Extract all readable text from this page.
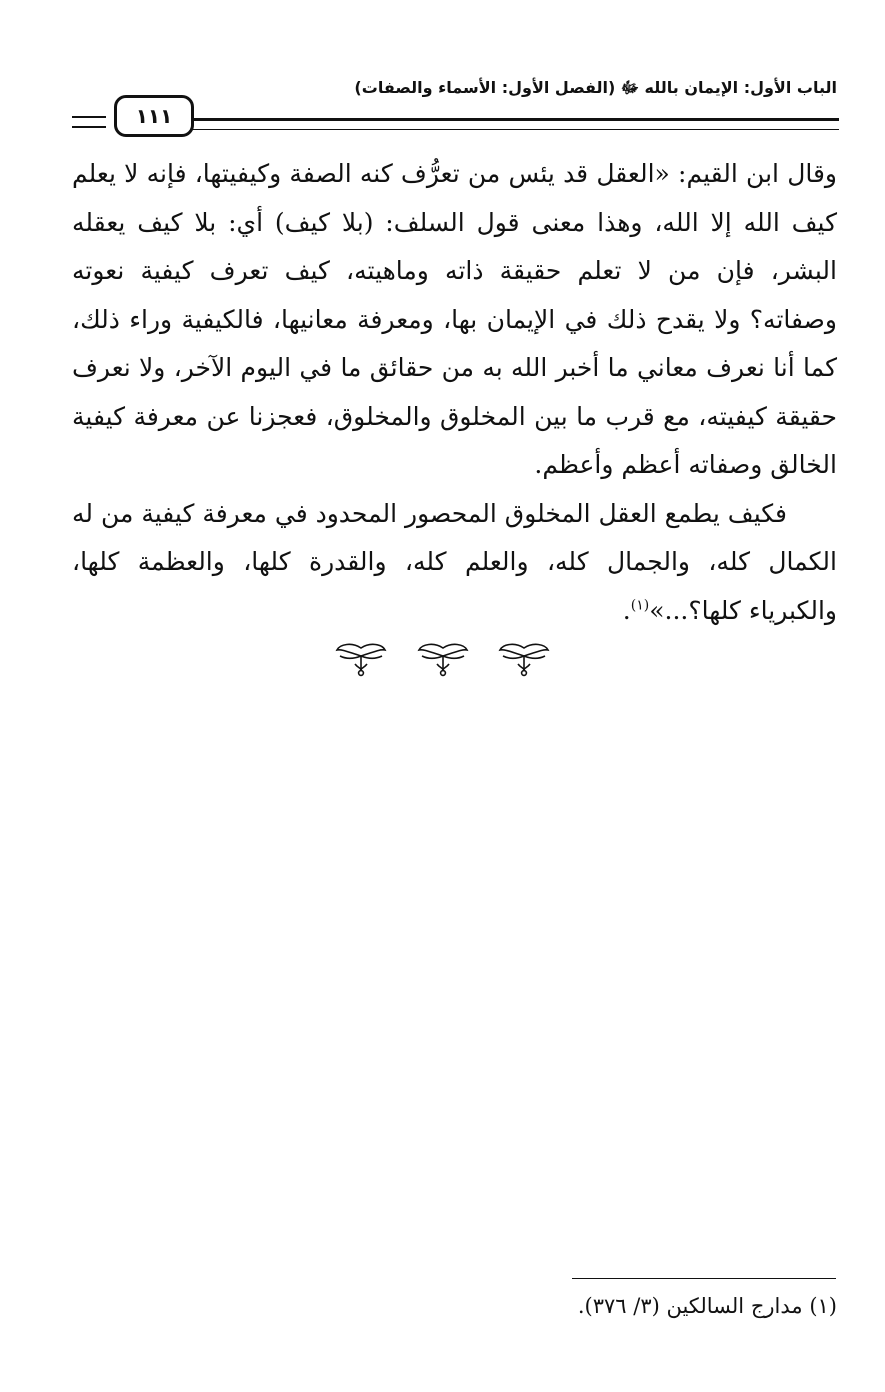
الباب الأول: الإيمان بالله ﷻ (الفصل الأول: الأسماء والصفات)
١١١

وقال ابن القيم: «العقل قد يئس من تعرُّف كنه الصفة وكيفيتها، فإنه لا يعلم كيف الله إلا الله، وهذا معنى قول السلف: (بلا كيف) أي: بلا كيف يعقله البشر، فإن من لا تعلم حقيقة ذاته وماهيته، كيف تعرف كيفية نعوته وصفاته؟ ولا يقدح ذلك في الإيمان بها، ومعرفة معانيها، فالكيفية وراء ذلك، كما أنا نعرف معاني ما أخبر الله به من حقائق ما في اليوم الآخر، ولا نعرف حقيقة كيفيته، مع قرب ما بين المخلوق والمخلوق، فعجزنا عن معرفة كيفية الخالق وصفاته أعظم وأعظم.

فكيف يطمع العقل المخلوق المحصور المحدود في معرفة كيفية من له الكمال كله، والجمال كله، والعلم كله، والقدرة كلها، والعظمة كلها، والكبرياء كلها؟...»$^{(١)}$.

(١) مدارج السالكين (٣/ ٣٧٦).
